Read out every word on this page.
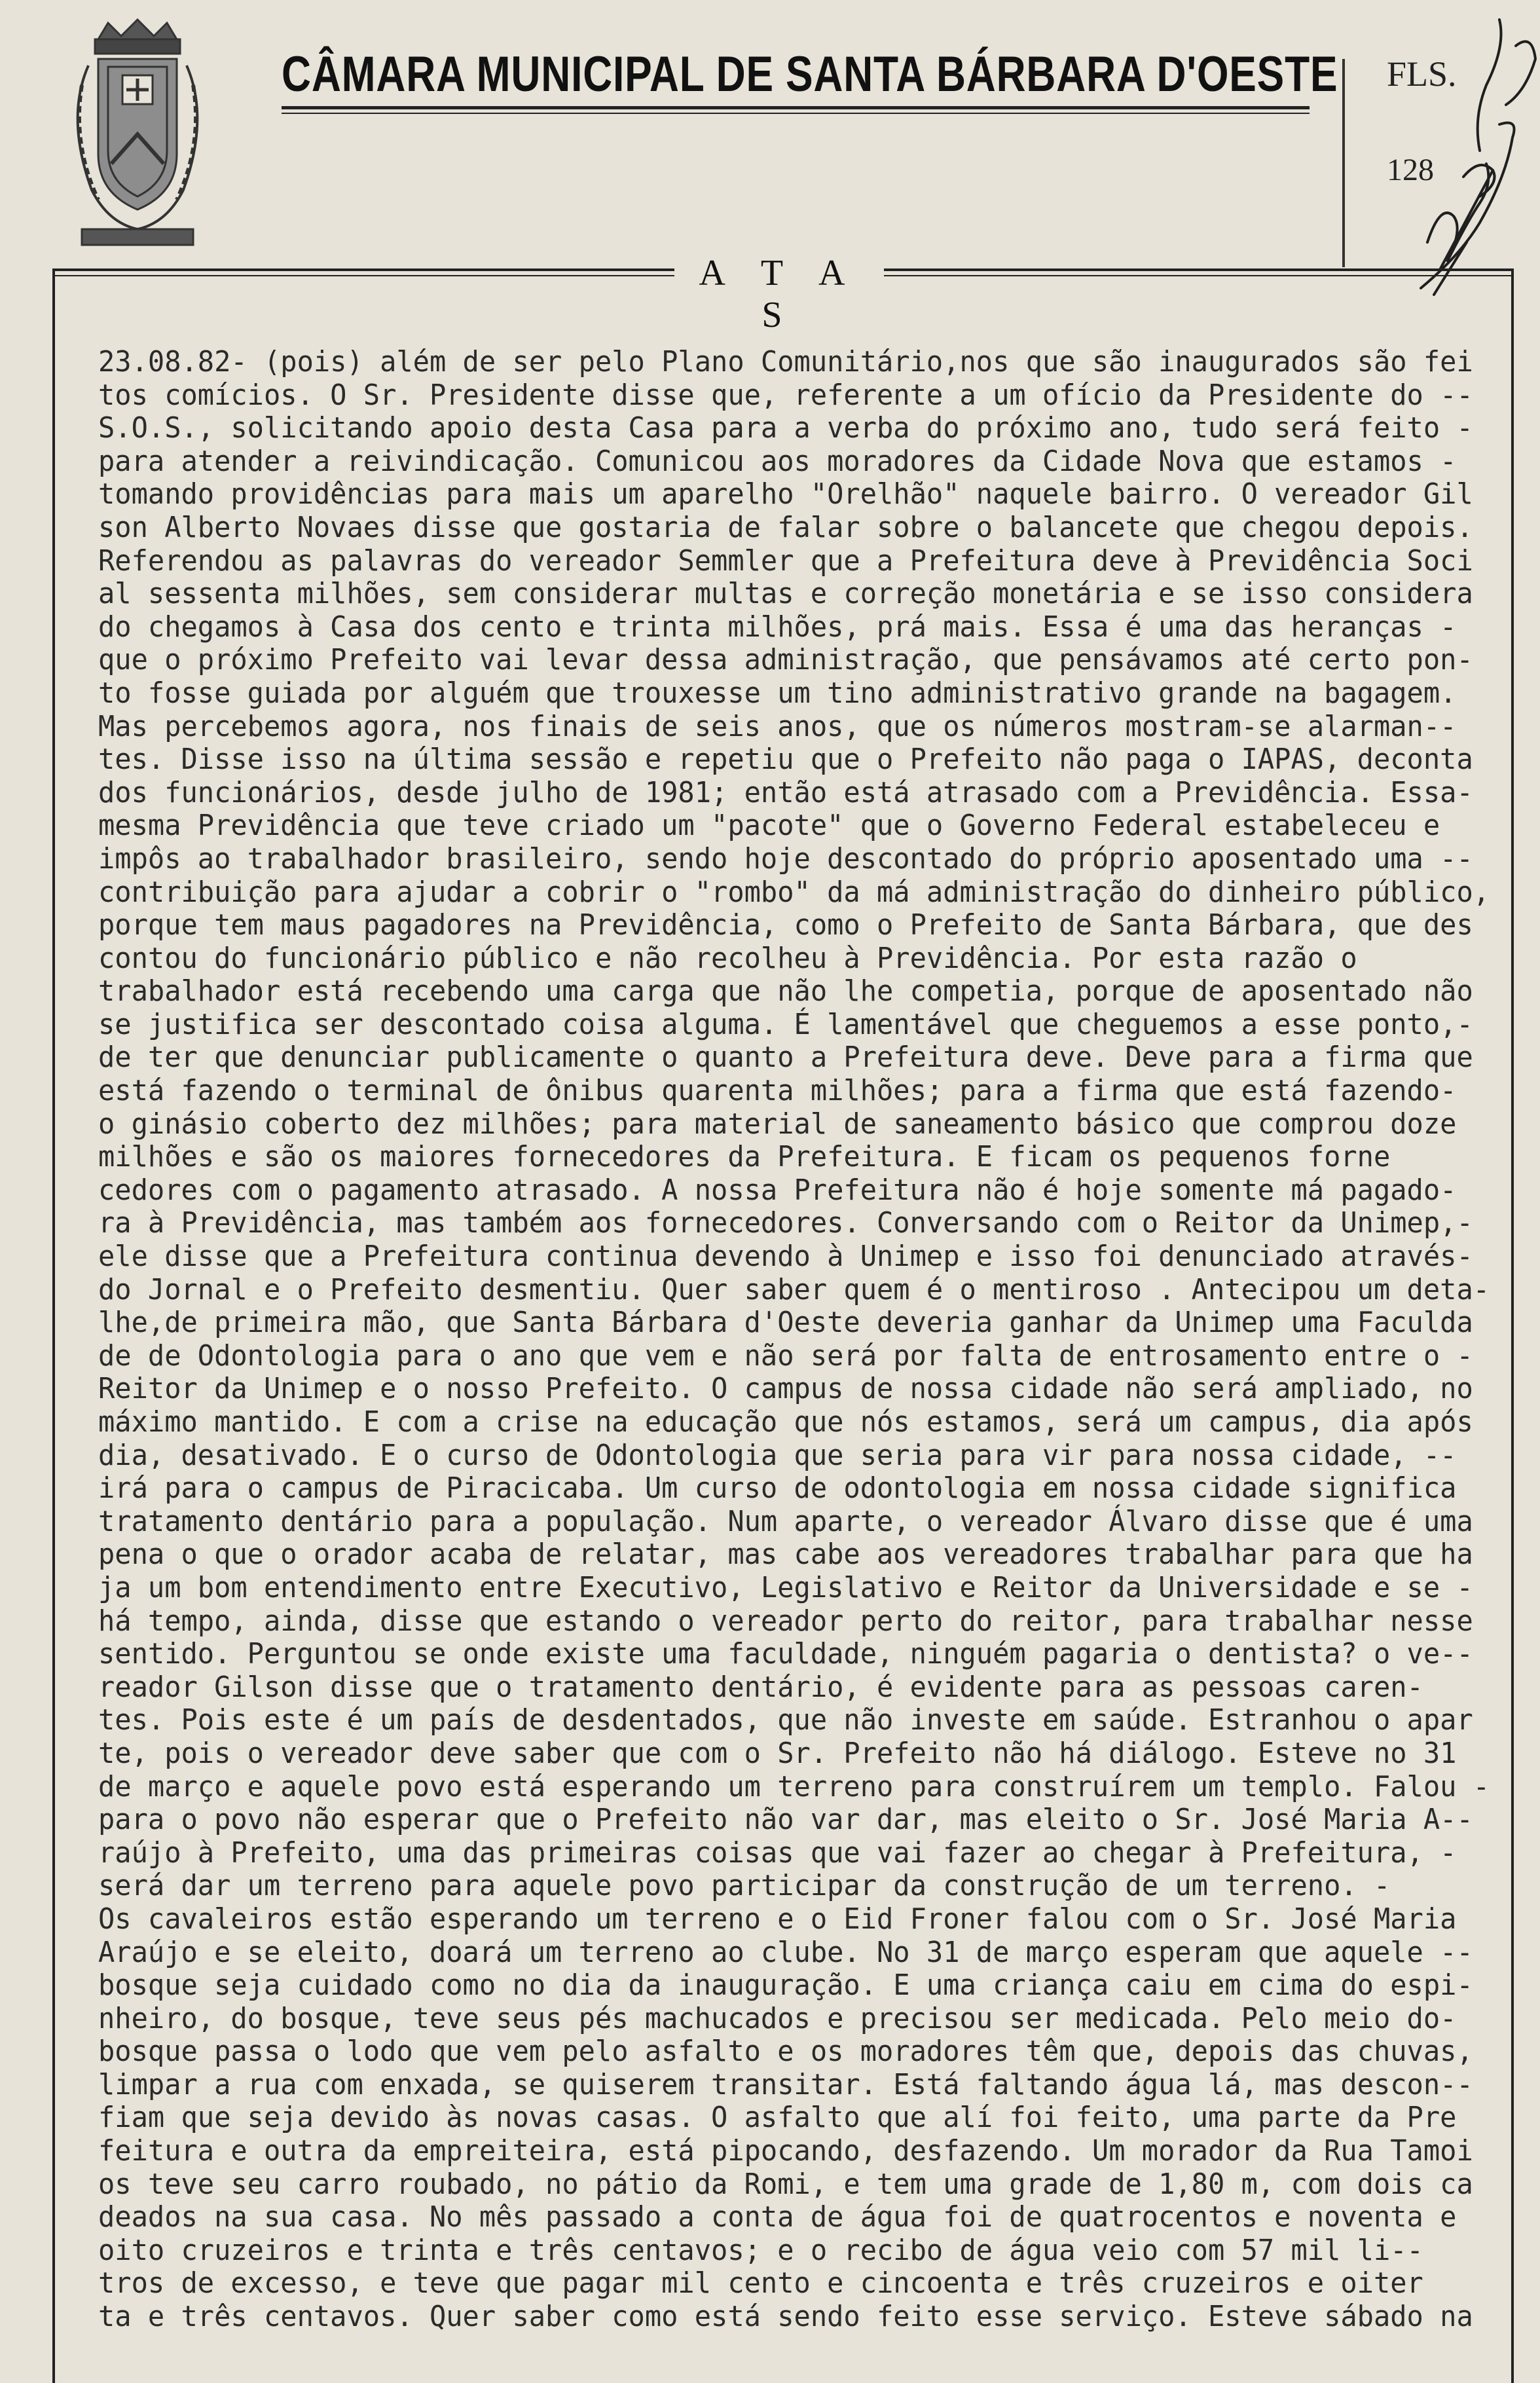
CÂMARA MUNICIPAL DE SANTA BÁRBARA D'OESTE FLS.
128
A T A S
23.08.82- (pois) além de ser pelo Plano Comunitário,nos que são inaugurados são fei
tos comícios. O Sr. Presidente disse que, referente a um ofício da Presidente do --
S.O.S., solicitando apoio desta Casa para a verba do próximo ano, tudo será feito -
para atender a reivindicação. Comunicou aos moradores da Cidade Nova que estamos -
tomando providências para mais um aparelho "Orelhão" naquele bairro. O vereador Gil
son Alberto Novaes disse que gostaria de falar sobre o balancete que chegou depois.
Referendou as palavras do vereador Semmler que a Prefeitura deve à Previdência Soci
al sessenta milhões, sem considerar multas e correção monetária e se isso considera
do chegamos à Casa dos cento e trinta milhões, prá mais. Essa é uma das heranças -
que o próximo Prefeito vai levar dessa administração, que pensávamos até certo pon-
to fosse guiada por alguém que trouxesse um tino administrativo grande na bagagem.
Mas percebemos agora, nos finais de seis anos, que os números mostram-se alarman--
tes. Disse isso na última sessão e repetiu que o Prefeito não paga o IAPAS, deconta
dos funcionários, desde julho de 1981; então está atrasado com a Previdência. Essa-
mesma Previdência que teve criado um "pacote" que o Governo Federal estabeleceu e
impôs ao trabalhador brasileiro, sendo hoje descontado do próprio aposentado uma --
contribuição para ajudar a cobrir o "rombo" da má administração do dinheiro público,
porque tem maus pagadores na Previdência, como o Prefeito de Santa Bárbara, que des
contou do funcionário público e não recolheu à Previdência. Por esta razão o
trabalhador está recebendo uma carga que não lhe competia, porque de aposentado não
se justifica ser descontado coisa alguma. É lamentável que cheguemos a esse ponto,-
de ter que denunciar publicamente o quanto a Prefeitura deve. Deve para a firma que
está fazendo o terminal de ônibus quarenta milhões; para a firma que está fazendo-
o ginásio coberto dez milhões; para material de saneamento básico que comprou doze
milhões e são os maiores fornecedores da Prefeitura. E ficam os pequenos forne
cedores com o pagamento atrasado. A nossa Prefeitura não é hoje somente má pagado-
ra à Previdência, mas também aos fornecedores. Conversando com o Reitor da Unimep,-
ele disse que a Prefeitura continua devendo à Unimep e isso foi denunciado através-
do Jornal e o Prefeito desmentiu. Quer saber quem é o mentiroso . Antecipou um deta-
lhe,de primeira mão, que Santa Bárbara d'Oeste deveria ganhar da Unimep uma Faculda
de de Odontologia para o ano que vem e não será por falta de entrosamento entre o -
Reitor da Unimep e o nosso Prefeito. O campus de nossa cidade não será ampliado, no
máximo mantido. E com a crise na educação que nós estamos, será um campus, dia após
dia, desativado. E o curso de Odontologia que seria para vir para nossa cidade, --
irá para o campus de Piracicaba. Um curso de odontologia em nossa cidade significa
tratamento dentário para a população. Num aparte, o vereador Álvaro disse que é uma
pena o que o orador acaba de relatar, mas cabe aos vereadores trabalhar para que ha
ja um bom entendimento entre Executivo, Legislativo e Reitor da Universidade e se -
há tempo, ainda, disse que estando o vereador perto do reitor, para trabalhar nesse
sentido. Perguntou se onde existe uma faculdade, ninguém pagaria o dentista? o ve--
reador Gilson disse que o tratamento dentário, é evidente para as pessoas caren-
tes. Pois este é um país de desdentados, que não investe em saúde. Estranhou o apar
te, pois o vereador deve saber que com o Sr. Prefeito não há diálogo. Esteve no 31
de março e aquele povo está esperando um terreno para construírem um templo. Falou -
para o povo não esperar que o Prefeito não var dar, mas eleito o Sr. José Maria A--
raújo à Prefeito, uma das primeiras coisas que vai fazer ao chegar à Prefeitura, -
será dar um terreno para aquele povo participar da construção de um terreno. -
Os cavaleiros estão esperando um terreno e o Eid Froner falou com o Sr. José Maria
Araújo e se eleito, doará um terreno ao clube. No 31 de março esperam que aquele --
bosque seja cuidado como no dia da inauguração. E uma criança caiu em cima do espi-
nheiro, do bosque, teve seus pés machucados e precisou ser medicada. Pelo meio do-
bosque passa o lodo que vem pelo asfalto e os moradores têm que, depois das chuvas,
limpar a rua com enxada, se quiserem transitar. Está faltando água lá, mas descon--
fiam que seja devido às novas casas. O asfalto que alí foi feito, uma parte da Pre
feitura e outra da empreiteira, está pipocando, desfazendo. Um morador da Rua Tamoi
os teve seu carro roubado, no pátio da Romi, e tem uma grade de 1,80 m, com dois ca
deados na sua casa. No mês passado a conta de água foi de quatrocentos e noventa e
oito cruzeiros e trinta e três centavos; e o recibo de água veio com 57 mil li--
tros de excesso, e teve que pagar mil cento e cincoenta e três cruzeiros e oiter
ta e três centavos. Quer saber como está sendo feito esse serviço. Esteve sábado na
